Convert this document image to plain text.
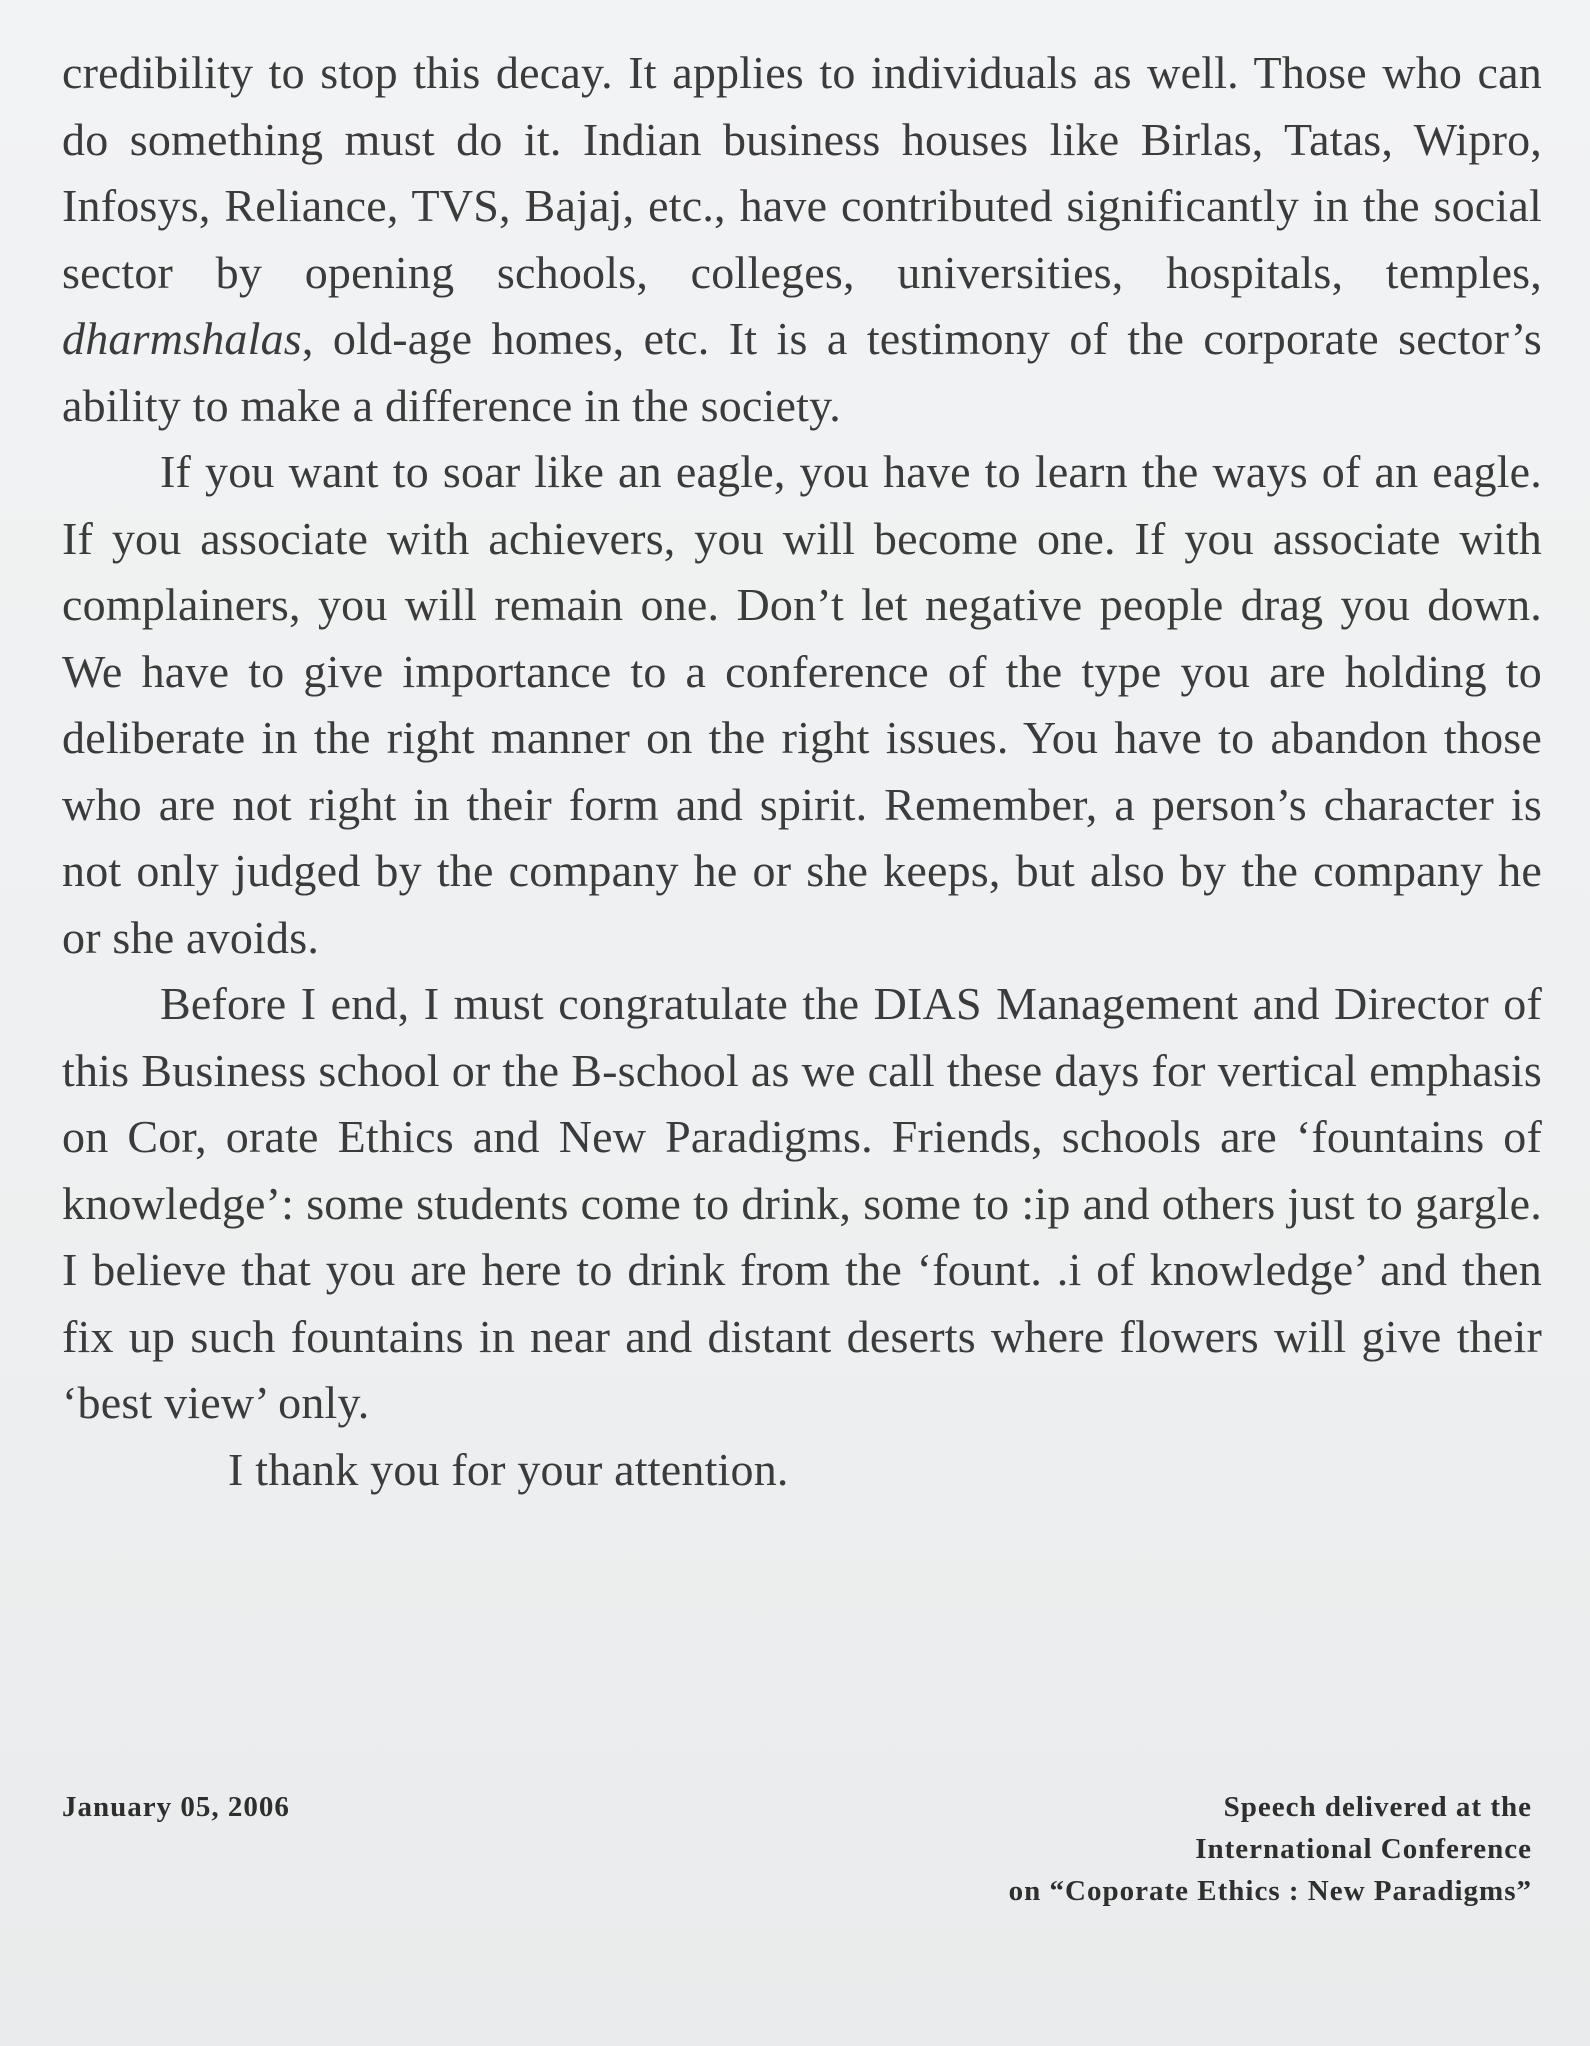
credibility to stop this decay. It applies to individuals as well. Those who can do something must do it. Indian business houses like Birlas, Tatas, Wipro, Infosys, Reliance, TVS, Bajaj, etc., have contributed significantly in the social sector by opening schools, colleges, universities, hospitals, temples, dharmshalas, old-age homes, etc. It is a testimony of the corporate sector’s ability to make a difference in the society.

If you want to soar like an eagle, you have to learn the ways of an eagle. If you associate with achievers, you will become one. If you associate with complainers, you will remain one. Don’t let negative people drag you down. We have to give importance to a conference of the type you are holding to deliberate in the right manner on the right issues. You have to abandon those who are not right in their form and spirit. Remember, a person’s character is not only judged by the company he or she keeps, but also by the company he or she avoids.

Before I end, I must congratulate the DIAS Management and Director of this Business school or the B-school as we call these days for vertical emphasis on Cor, orate Ethics and New Paradigms. Friends, schools are ‘fountains of knowledge’: some students come to drink, some to :ip and others just to gargle. I believe that you are here to drink from the ‘fount. .i of knowledge’ and then fix up such fountains in near and distant deserts where flowers will give their ‘best view’ only.

I thank you for your attention.

January 05, 2006	Speech delivered at the
International Conference
on “Coporate Ethics : New Paradigms”
